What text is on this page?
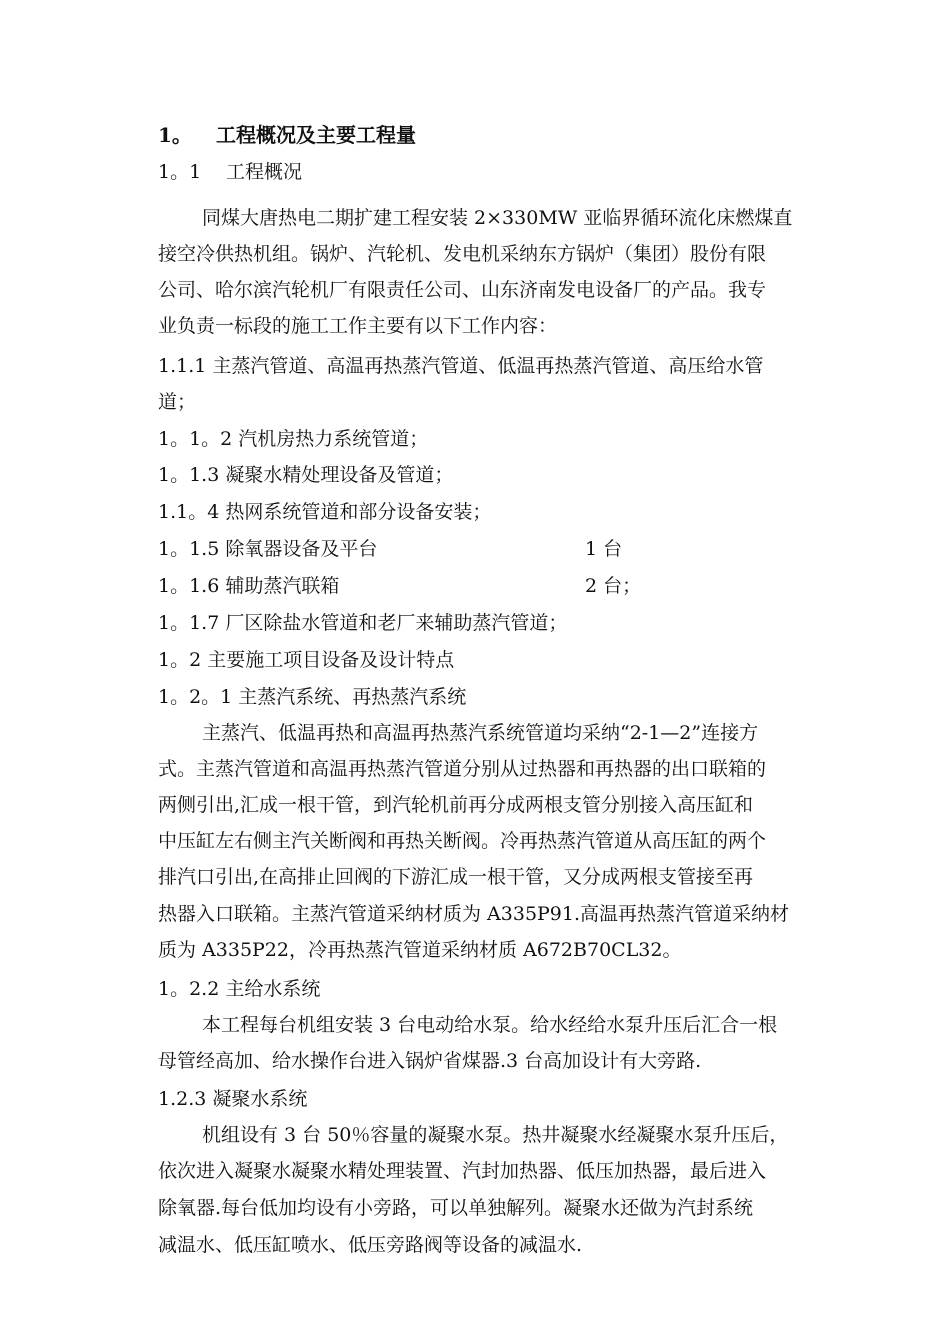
1。 工程概况及主要工程量
1。1 工程概况
同煤大唐热电二期扩建工程安装 2×330MW 亚临界循环流化床燃煤直
接空冷供热机组。锅炉、汽轮机、发电机采纳东方锅炉（集团）股份有限
公司、哈尔滨汽轮机厂有限责任公司、山东济南发电设备厂的产品。我专
业负责一标段的施工工作主要有以下工作内容：
1.1.1 主蒸汽管道、高温再热蒸汽管道、低温再热蒸汽管道、高压给水管
道；
1。1。2 汽机房热力系统管道；
1。1.3 凝聚水精处理设备及管道；
1.1。4 热网系统管道和部分设备安装；
1。1.5 除氧器设备及平台	1 台
1。1.6 辅助蒸汽联箱	2 台；
1。1.7 厂区除盐水管道和老厂来辅助蒸汽管道；
1。2 主要施工项目设备及设计特点
1。2。1 主蒸汽系统、再热蒸汽系统
主蒸汽、低温再热和高温再热蒸汽系统管道均采纳“2-1—2”连接方
式。主蒸汽管道和高温再热蒸汽管道分别从过热器和再热器的出口联箱的
两侧引出,汇成一根干管，到汽轮机前再分成两根支管分别接入高压缸和
中压缸左右侧主汽关断阀和再热关断阀。冷再热蒸汽管道从高压缸的两个
排汽口引出,在高排止回阀的下游汇成一根干管，又分成两根支管接至再
热器入口联箱。主蒸汽管道采纳材质为 A335P91.高温再热蒸汽管道采纳材
质为 A335P22，冷再热蒸汽管道采纳材质 A672B70CL32。
1。2.2 主给水系统
本工程每台机组安装 3 台电动给水泵。给水经给水泵升压后汇合一根
母管经高加、给水操作台进入锅炉省煤器.3 台高加设计有大旁路.
1.2.3 凝聚水系统
机组设有 3 台 50％容量的凝聚水泵。热井凝聚水经凝聚水泵升压后，
依次进入凝聚水凝聚水精处理装置、汽封加热器、低压加热器，最后进入
除氧器.每台低加均设有小旁路，可以单独解列。凝聚水还做为汽封系统
减温水、低压缸喷水、低压旁路阀等设备的减温水.
